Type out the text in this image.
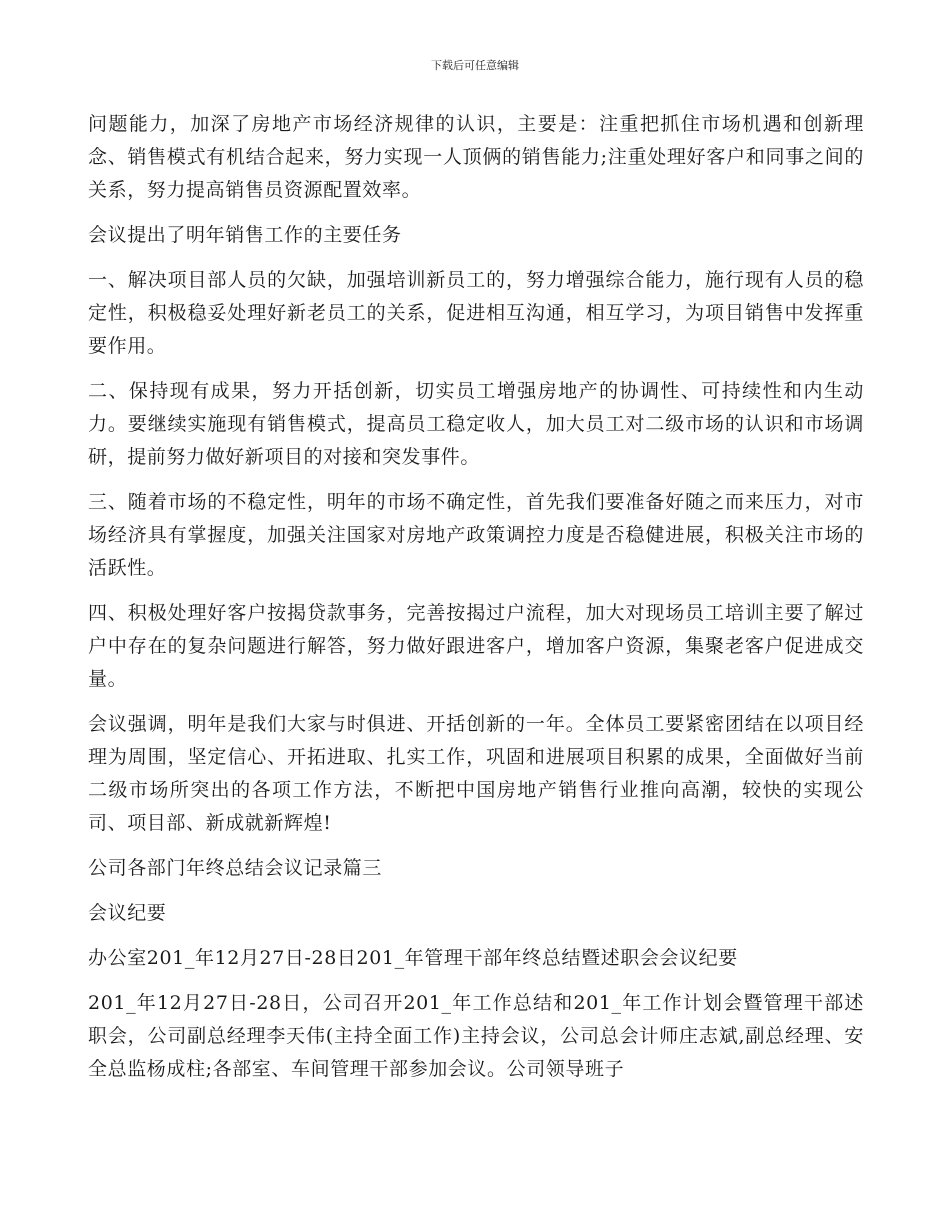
下载后可任意编辑

问题能力，加深了房地产市场经济规律的认识，主要是：注重把抓住市场机遇和创新理念、销售模式有机结合起来，努力实现一人顶俩的销售能力;注重处理好客户和同事之间的关系，努力提高销售员资源配置效率。

会议提出了明年销售工作的主要任务

一、解决项目部人员的欠缺，加强培训新员工的，努力增强综合能力，施行现有人员的稳定性，积极稳妥处理好新老员工的关系，促进相互沟通，相互学习，为项目销售中发挥重要作用。

二、保持现有成果，努力开括创新，切实员工增强房地产的协调性、可持续性和内生动力。要继续实施现有销售模式，提高员工稳定收人，加大员工对二级市场的认识和市场调研，提前努力做好新项目的对接和突发事件。

三、随着市场的不稳定性，明年的市场不确定性，首先我们要准备好随之而来压力，对市场经济具有掌握度，加强关注国家对房地产政策调控力度是否稳健进展，积极关注市场的活跃性。

四、积极处理好客户按揭贷款事务，完善按揭过户流程，加大对现场员工培训主要了解过户中存在的复杂问题进行解答，努力做好跟进客户，增加客户资源，集聚老客户促进成交量。

会议强调，明年是我们大家与时俱进、开括创新的一年。全体员工要紧密团结在以项目经理为周围，坚定信心、开拓进取、扎实工作，巩固和进展项目积累的成果，全面做好当前二级市场所突出的各项工作方法，不断把中国房地产销售行业推向高潮，较快的实现公司、项目部、新成就新辉煌!

公司各部门年终总结会议记录篇三

会议纪要

办公室201_年12月27日-28日201_年管理干部年终总结暨述职会会议纪要

201_年12月27日-28日，公司召开201_年工作总结和201_年工作计划会暨管理干部述职会，公司副总经理李天伟(主持全面工作)主持会议，公司总会计师庄志斌,副总经理、安全总监杨成柱;各部室、车间管理干部参加会议。公司领导班子
